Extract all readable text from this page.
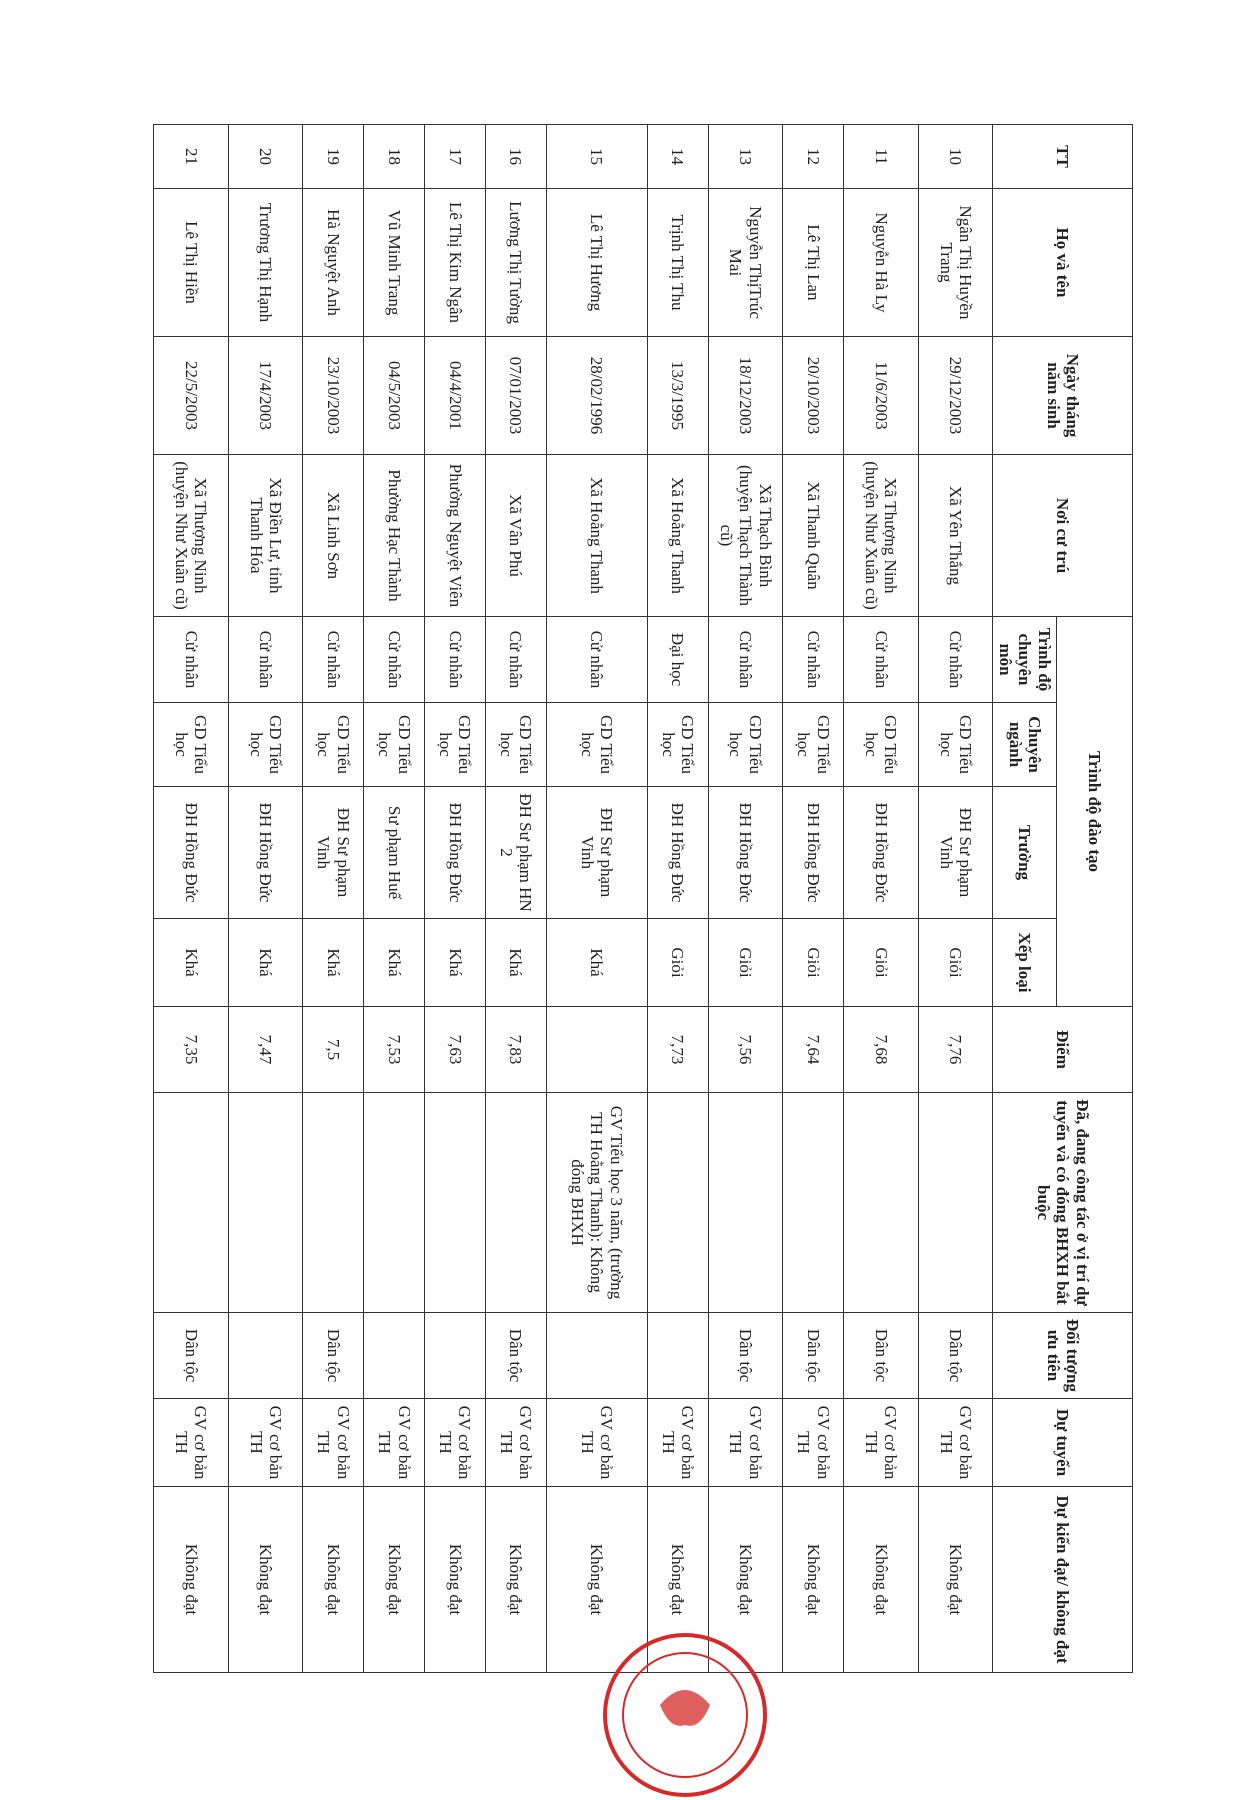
TT	Họ và tên	Ngày tháng năm sinh	Nơi cư trú	Trình độ đào tạo				Điểm	Đã, đang công tác ở vị trí dự tuyển và có đóng BHXH bắt buộc	Đối tượng ưu tiên	Dự tuyển	Dự kiến đạt/ không đạt
				Trình độ chuyên môn	Chuyên ngành	Trường	Xếp loại					
10	Ngân Thị Huyền Trang	29/12/2003	Xã Yên Thắng	Cử nhân	GD Tiểu học	ĐH Sư phạm Vinh	Giỏi	7,76		Dân tộc	GV cơ bản TH	Không đạt
11	Nguyễn Hà Ly	11/6/2003	Xã Thượng Ninh (huyện Như Xuân cũ)	Cử nhân	GD Tiểu học	ĐH Hồng Đức	Giỏi	7,68		Dân tộc	GV cơ bản TH	Không đạt
12	Lê Thị Lan	20/10/2003	Xã Thanh Quân	Cử nhân	GD Tiểu học	ĐH Hồng Đức	Giỏi	7,64		Dân tộc	GV cơ bản TH	Không đạt
13	Nguyễn ThịTrúc Mai	18/12/2003	Xã Thạch Bình (huyện Thạch Thành cũ)	Cử nhân	GD Tiểu học	ĐH Hồng Đức	Giỏi	7,56		Dân tộc	GV cơ bản TH	Không đạt
14	Trịnh Thị Thu	13/3/1995	Xã Hoằng Thanh	Đại học	GD Tiểu học	ĐH Hồng Đức	Giỏi	7,73			GV cơ bản TH	Không đạt
15	Lê Thị Hương	28/02/1996	Xã Hoằng Thanh	Cử nhân	GD Tiểu học	ĐH Sư phạm Vinh	Khá		GV Tiểu học 3 năm, (trường TH Hoằng Thanh): Không đóng BHXH		GV cơ bản TH	Không đạt
16	Lương Thị Tường	07/01/2003	Xã Vân Phú	Cử nhân	GD Tiểu học	ĐH Sư phạm HN 2	Khá	7,83		Dân tộc	GV cơ bản TH	Không đạt
17	Lê Thị Kim Ngân	04/4/2001	Phường Nguyệt Viên	Cử nhân	GD Tiểu học	ĐH Hồng Đức	Khá	7,63			GV cơ bản TH	Không đạt
18	Vũ Minh Trang	04/5/2003	Phường Hạc Thành	Cử nhân	GD Tiểu học	Sư phạm Huế	Khá	7,53			GV cơ bản TH	Không đạt
19	Hà Nguyệt Anh	23/10/2003	Xã Linh Sơn	Cử nhân	GD Tiểu học	ĐH Sư phạm Vinh	Khá	7,5		Dân tộc	GV cơ bản TH	Không đạt
20	Trương Thị Hạnh	17/4/2003	Xã Điền Lư, tỉnh Thanh Hóa	Cử nhân	GD Tiểu học	ĐH Hồng Đức	Khá	7,47			GV cơ bản TH	Không đạt
21	Lê Thị Hiền	22/5/2003	Xã Thượng Ninh (huyện Như Xuân cũ)	Cử nhân	GD Tiểu học	ĐH Hồng Đức	Khá	7,35		Dân tộc	GV cơ bản TH	Không đạt
